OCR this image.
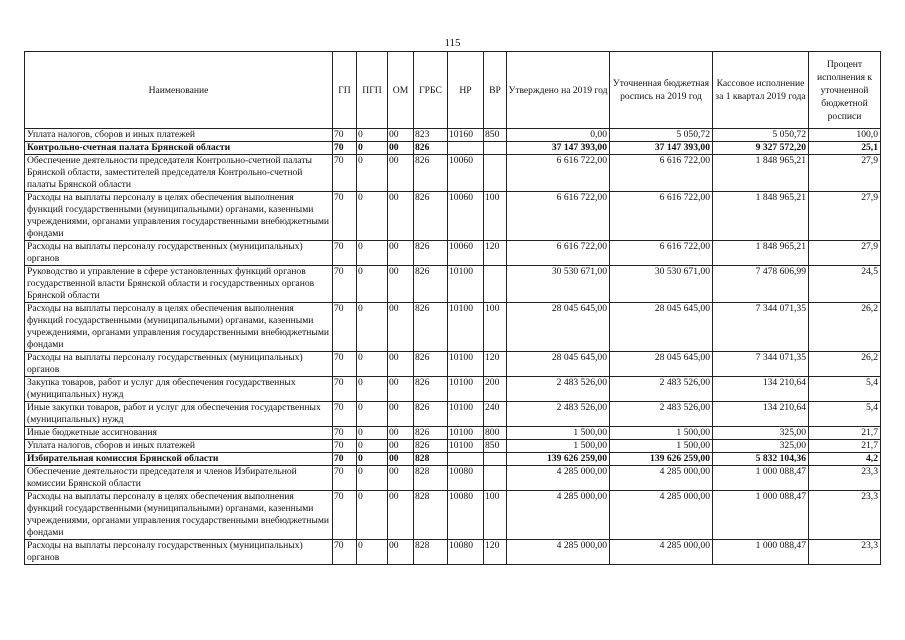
115
Наименование	ГП	ПГП	ОМ	ГРБС	НР	ВР	Утверждено на 2019 год	Уточненная бюджетная роспись на 2019 год	Кассовое исполнение за 1 квартал 2019 года	Процент исполнения к уточненной бюджетной росписи
Уплата налогов, сборов и иных платежей	70	0	00	823	10160	850	0,00	5 050,72	5 050,72	100,0
Контрольно-счетная палата Брянской области	70	0	00	826			37 147 393,00	37 147 393,00	9 327 572,20	25,1
Обеспечение деятельности председателя Контрольно-счетной палаты Брянской области, заместителей председателя Контрольно-счетной палаты Брянской области	70	0	00	826	10060		6 616 722,00	6 616 722,00	1 848 965,21	27,9
Расходы на выплаты персоналу в целях обеспечения выполнения функций государственными (муниципальными) органами, казенными учреждениями, органами управления государственными внебюджетными фондами	70	0	00	826	10060	100	6 616 722,00	6 616 722,00	1 848 965,21	27,9
Расходы на выплаты персоналу государственных (муниципальных) органов	70	0	00	826	10060	120	6 616 722,00	6 616 722,00	1 848 965,21	27,9
Руководство и управление в сфере установленных функций органов государственной власти Брянской области и государственных органов Брянской области	70	0	00	826	10100		30 530 671,00	30 530 671,00	7 478 606,99	24,5
Расходы на выплаты персоналу в целях обеспечения выполнения функций государственными (муниципальными) органами, казенными учреждениями, органами управления государственными внебюджетными фондами	70	0	00	826	10100	100	28 045 645,00	28 045 645,00	7 344 071,35	26,2
Расходы на выплаты персоналу государственных (муниципальных) органов	70	0	00	826	10100	120	28 045 645,00	28 045 645,00	7 344 071,35	26,2
Закупка товаров, работ и услуг для обеспечения государственных (муниципальных) нужд	70	0	00	826	10100	200	2 483 526,00	2 483 526,00	134 210,64	5,4
Иные закупки товаров, работ и услуг для обеспечения государственных (муниципальных) нужд	70	0	00	826	10100	240	2 483 526,00	2 483 526,00	134 210,64	5,4
Иные бюджетные ассигнования	70	0	00	826	10100	800	1 500,00	1 500,00	325,00	21,7
Уплата налогов, сборов и иных платежей	70	0	00	826	10100	850	1 500,00	1 500,00	325,00	21,7
Избирательная комиссия Брянской области	70	0	00	828			139 626 259,00	139 626 259,00	5 832 104,36	4,2
Обеспечение деятельности председателя и членов Избирательной комиссии Брянской области	70	0	00	828	10080		4 285 000,00	4 285 000,00	1 000 088,47	23,3
Расходы на выплаты персоналу в целях обеспечения выполнения функций государственными (муниципальными) органами, казенными учреждениями, органами управления государственными внебюджетными фондами	70	0	00	828	10080	100	4 285 000,00	4 285 000,00	1 000 088,47	23,3
Расходы на выплаты персоналу государственных (муниципальных) органов	70	0	00	828	10080	120	4 285 000,00	4 285 000,00	1 000 088,47	23,3
